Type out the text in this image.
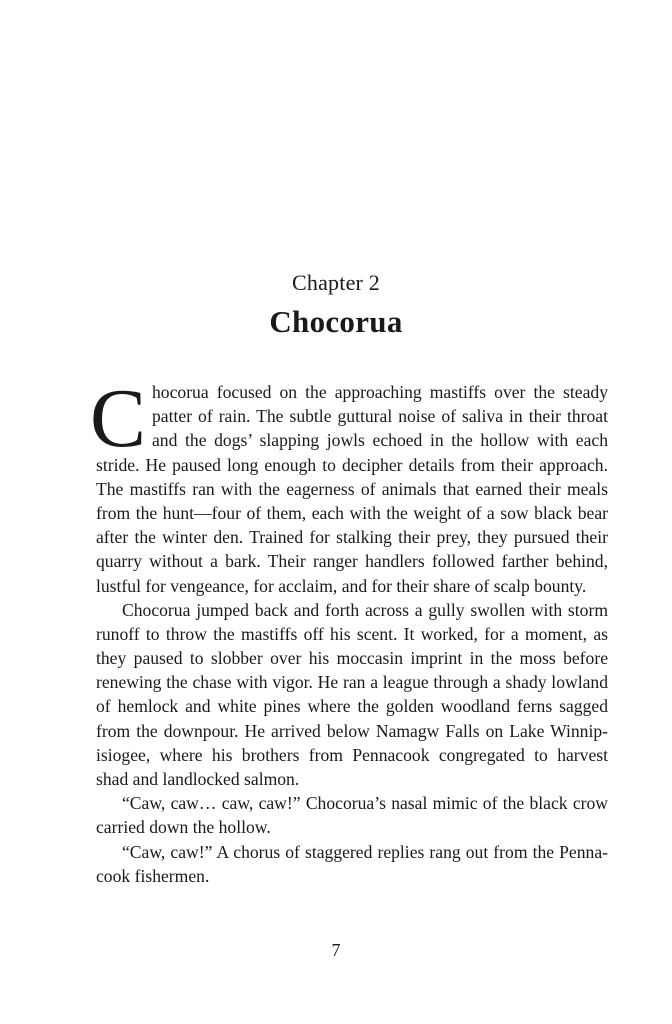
Chapter 2
Chocorua
C hocorua focused on the approaching mastiffs over the steady
patter of rain. The subtle guttural noise of saliva in their throat
and the dogs’ slapping jowls echoed in the hollow with each
stride. He paused long enough to decipher details from their approach.
The mastiffs ran with the eagerness of animals that earned their meals
from the hunt—four of them, each with the weight of a sow black bear
after the winter den. Trained for stalking their prey, they pursued their
quarry without a bark. Their ranger handlers followed farther behind,
lustful for vengeance, for acclaim, and for their share of scalp bounty.
Chocorua jumped back and forth across a gully swollen with storm
runoff to throw the mastiffs off his scent. It worked, for a moment, as
they paused to slobber over his moccasin imprint in the moss before
renewing the chase with vigor. He ran a league through a shady lowland
of hemlock and white pines where the golden woodland ferns sagged
from the downpour. He arrived below Namagw Falls on Lake Winnip-
isiogee, where his brothers from Pennacook congregated to harvest
shad and landlocked salmon.
“Caw, caw… caw, caw!” Chocorua’s nasal mimic of the black crow
carried down the hollow.
“Caw, caw!” A chorus of staggered replies rang out from the Penna-
cook fishermen.
7
